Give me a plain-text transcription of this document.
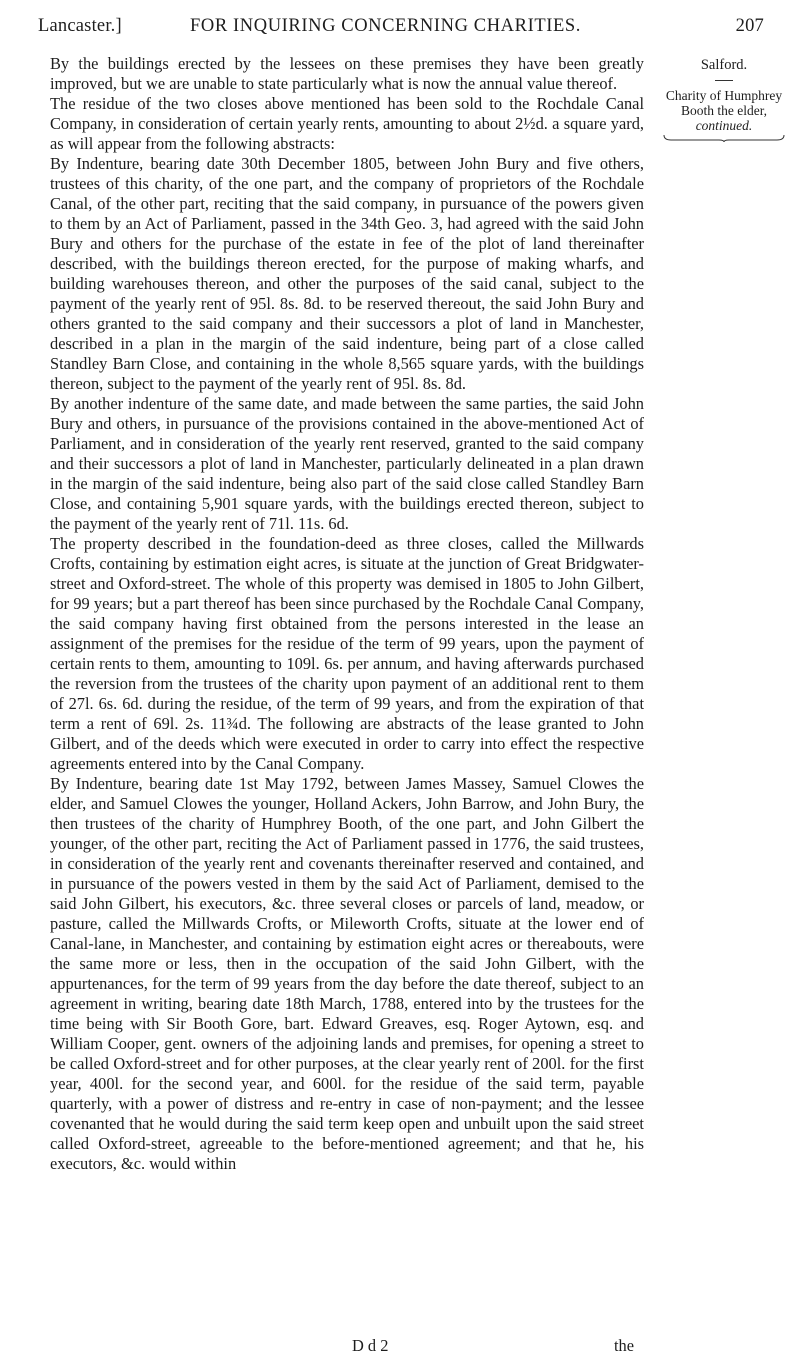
Lancaster.]	FOR INQUIRING CONCERNING CHARITIES.	207
Salford.
Charity of Humphrey Booth the elder,
continued.

By the buildings erected by the lessees on these premises they have been greatly improved, but we are unable to state particularly what is now the annual value thereof.

The residue of the two closes above mentioned has been sold to the Rochdale Canal Company, in consideration of certain yearly rents, amounting to about 2½d. a square yard, as will appear from the following abstracts:

By Indenture, bearing date 30th December 1805, between John Bury and five others, trustees of this charity, of the one part, and the company of proprietors of the Rochdale Canal, of the other part, reciting that the said company, in pursuance of the powers given to them by an Act of Parliament, passed in the 34th Geo. 3, had agreed with the said John Bury and others for the purchase of the estate in fee of the plot of land thereinafter described, with the buildings thereon erected, for the purpose of making wharfs, and building warehouses thereon, and other the purposes of the said canal, subject to the payment of the yearly rent of 95l. 8s. 8d. to be reserved thereout, the said John Bury and others granted to the said company and their successors a plot of land in Manchester, described in a plan in the margin of the said indenture, being part of a close called Standley Barn Close, and containing in the whole 8,565 square yards, with the buildings thereon, subject to the payment of the yearly rent of 95l. 8s. 8d.

By another indenture of the same date, and made between the same parties, the said John Bury and others, in pursuance of the provisions contained in the above-mentioned Act of Parliament, and in consideration of the yearly rent reserved, granted to the said company and their successors a plot of land in Manchester, particularly delineated in a plan drawn in the margin of the said indenture, being also part of the said close called Standley Barn Close, and containing 5,901 square yards, with the buildings erected thereon, subject to the payment of the yearly rent of 71l. 11s. 6d.

The property described in the foundation-deed as three closes, called the Millwards Crofts, containing by estimation eight acres, is situate at the junction of Great Bridgwater-street and Oxford-street. The whole of this property was demised in 1805 to John Gilbert, for 99 years; but a part thereof has been since purchased by the Rochdale Canal Company, the said company having first obtained from the persons interested in the lease an assignment of the premises for the residue of the term of 99 years, upon the payment of certain rents to them, amounting to 109l. 6s. per annum, and having afterwards purchased the reversion from the trustees of the charity upon payment of an additional rent to them of 27l. 6s. 6d. during the residue, of the term of 99 years, and from the expiration of that term a rent of 69l. 2s. 11¾d. The following are abstracts of the lease granted to John Gilbert, and of the deeds which were executed in order to carry into effect the respective agreements entered into by the Canal Company.

By Indenture, bearing date 1st May 1792, between James Massey, Samuel Clowes the elder, and Samuel Clowes the younger, Holland Ackers, John Barrow, and John Bury, the then trustees of the charity of Humphrey Booth, of the one part, and John Gilbert the younger, of the other part, reciting the Act of Parliament passed in 1776, the said trustees, in consideration of the yearly rent and covenants thereinafter reserved and contained, and in pursuance of the powers vested in them by the said Act of Parliament, demised to the said John Gilbert, his executors, &c. three several closes or parcels of land, meadow, or pasture, called the Millwards Crofts, or Mileworth Crofts, situate at the lower end of Canal-lane, in Manchester, and containing by estimation eight acres or thereabouts, were the same more or less, then in the occupation of the said John Gilbert, with the appurtenances, for the term of 99 years from the day before the date thereof, subject to an agreement in writing, bearing date 18th March, 1788, entered into by the trustees for the time being with Sir Booth Gore, bart. Edward Greaves, esq. Roger Aytown, esq. and William Cooper, gent. owners of the adjoining lands and premises, for opening a street to be called Oxford-street and for other purposes, at the clear yearly rent of 200l. for the first year, 400l. for the second year, and 600l. for the residue of the said term, payable quarterly, with a power of distress and re-entry in case of non-payment; and the lessee covenanted that he would during the said term keep open and unbuilt upon the said street called Oxford-street, agreeable to the before-mentioned agreement; and that he, his executors, &c. would within

D d 2	the
